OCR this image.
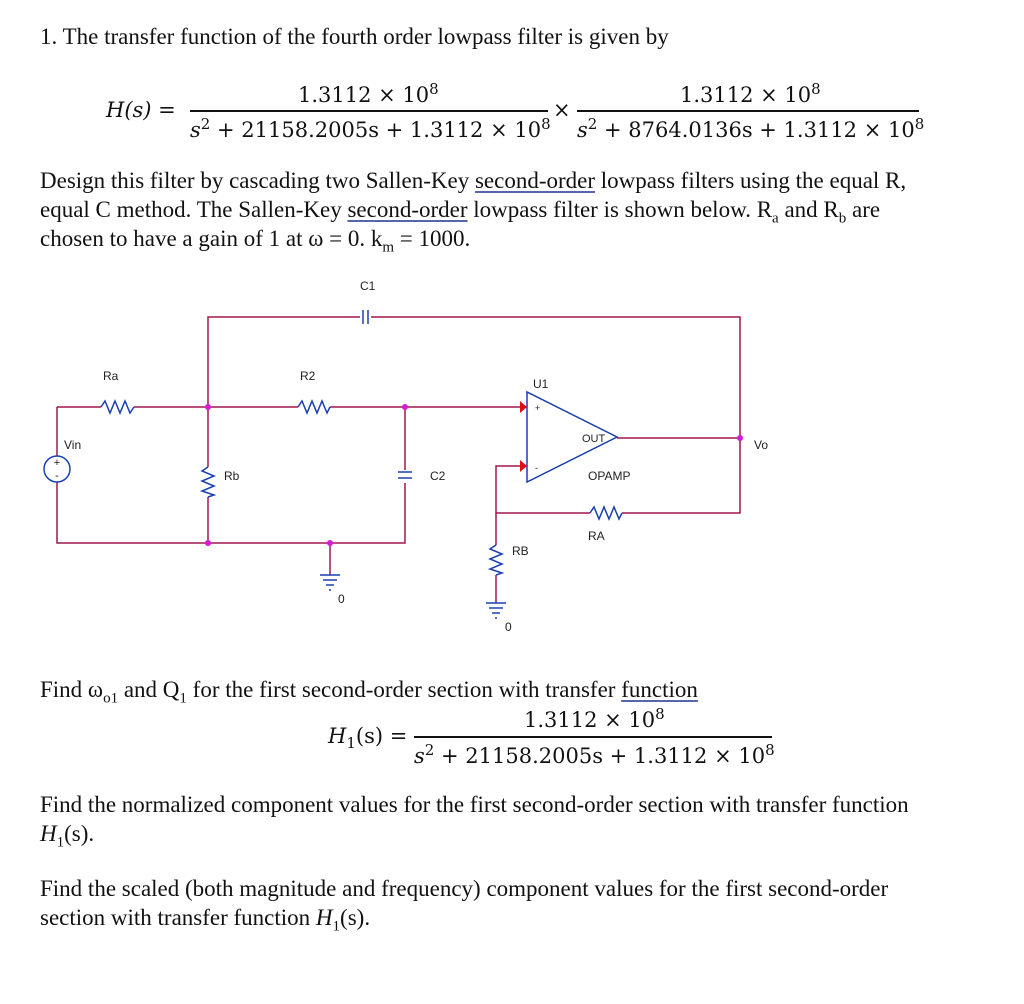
1. The transfer function of the fourth order lowpass filter is given by
H(s) =
$1.3112 \times 10^8$
$s^2 + 21158.2005s + 1.3112 \times 10^8$
×
$1.3112 \times 10^8$
$s^2 + 8764.0136s + 1.3112 \times 10^8$
Design this filter by cascading two Sallen-Key second-order lowpass filters using the equal R,
equal C method. The Sallen-Key second-order lowpass filter is shown below. $R_a$ and $R_b$ are
chosen to have a gain of 1 at ω = 0. $k_m = 1000$.
+
-
+
-
OUT
C1
Ra	R2
U1
Vin
Rb	C2
Vo
OPAMP
RA
RB
0
0
Find $\omega_{o1}$ and $Q_1$ for the first second-order section with transfer function
$H_1(s)$ =
$1.3112 \times 10^8$
$s^2 + 21158.2005s + 1.3112 \times 10^8$
Find the normalized component values for the first second-order section with transfer function
$H_1(s)$.
Find the scaled (both magnitude and frequency) component values for the first second-order
section with transfer function $H_1(s)$.
